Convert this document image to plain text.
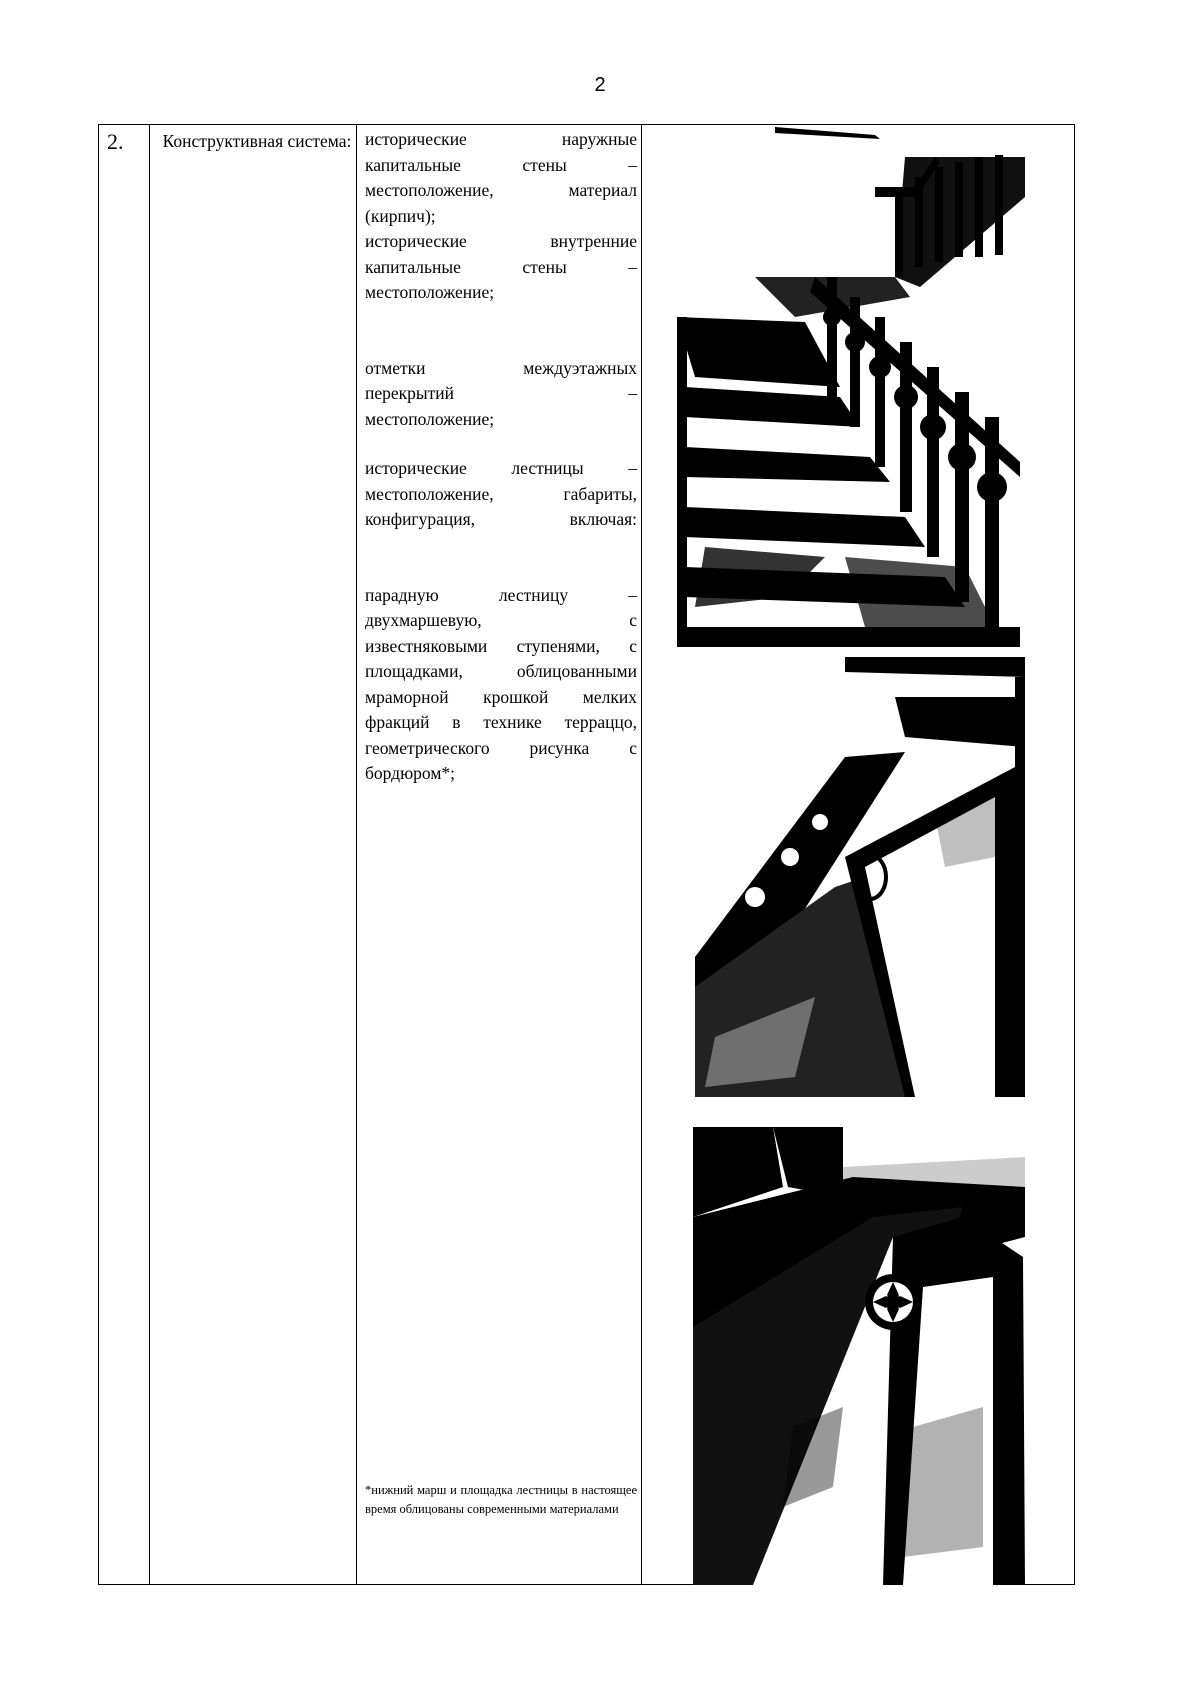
2
2.	Конструктивная система: исторические наружные
капитальные стены –
местоположение, материал
(кирпич);
исторические внутренние
капитальные стены –
местоположение;
отметки междуэтажных
перекрытий –
местоположение;
исторические лестницы –
местоположение, габариты,
конфигурация, включая:
парадную лестницу –
двухмаршевую, с
известняковыми ступенями, с
площадками, облицованными
мраморной крошкой мелких
фракций в технике терраццо,
геометрического рисунка с
бордюром*;
*нижний марш и площадка лестницы в настоящее время облицованы современными материалами
